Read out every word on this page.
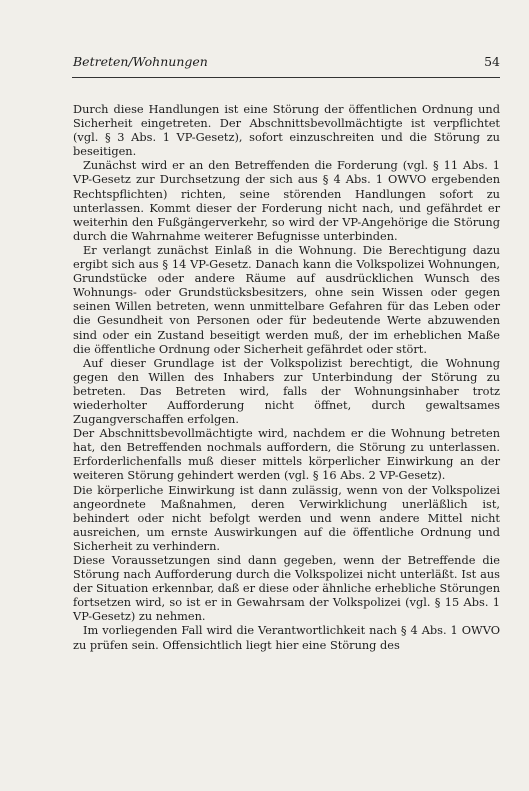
Betreten/Wohnungen	54

Durch diese Handlungen ist eine Störung der öffentlichen Ordnung und Sicherheit eingetreten. Der Abschnittsbevollmächtigte ist verpflichtet (vgl. § 3 Abs. 1 VP-Gesetz), sofort einzuschreiten und die Störung zu beseitigen.

Zunächst wird er an den Betreffenden die Forderung (vgl. § 11 Abs. 1 VP-Gesetz zur Durchsetzung der sich aus § 4 Abs. 1 OWVO ergebenden Rechtspflichten) richten, seine störenden Handlungen sofort zu unterlassen. Kommt dieser der Forderung nicht nach, und gefährdet er weiterhin den Fußgängerverkehr, so wird der VP-Angehörige die Störung durch die Wahrnahme weiterer Befugnisse unterbinden.

Er verlangt zunächst Einlaß in die Wohnung. Die Berechtigung dazu ergibt sich aus § 14 VP-Gesetz. Danach kann die Volkspolizei Wohnungen, Grundstücke oder andere Räume auf ausdrücklichen Wunsch des Wohnungs- oder Grundstücksbesitzers, ohne sein Wissen oder gegen seinen Willen betreten, wenn unmittelbare Gefahren für das Leben oder die Gesundheit von Personen oder für bedeutende Werte abzuwenden sind oder ein Zustand beseitigt werden muß, der im erheblichen Maße die öffentliche Ordnung oder Sicherheit gefährdet oder stört.

Auf dieser Grundlage ist der Volkspolizist berechtigt, die Wohnung gegen den Willen des Inhabers zur Unterbindung der Störung zu betreten. Das Betreten wird, falls der Wohnungsinhaber trotz wiederholter Aufforderung nicht öffnet, durch gewaltsames Zugangverschaffen erfolgen.

Der Abschnittsbevollmächtigte wird, nachdem er die Wohnung betreten hat, den Betreffenden nochmals auffordern, die Störung zu unterlassen. Erforderlichenfalls muß dieser mittels körperlicher Einwirkung an der weiteren Störung gehindert werden (vgl. § 16 Abs. 2 VP-Gesetz).

Die körperliche Einwirkung ist dann zulässig, wenn von der Volkspolizei angeordnete Maßnahmen, deren Verwirklichung unerläßlich ist, behindert oder nicht befolgt werden und wenn andere Mittel nicht ausreichen, um ernste Auswirkungen auf die öffentliche Ordnung und Sicherheit zu verhindern.

Diese Voraussetzungen sind dann gegeben, wenn der Betreffende die Störung nach Aufforderung durch die Volkspolizei nicht unterläßt. Ist aus der Situation erkennbar, daß er diese oder ähnliche erhebliche Störungen fortsetzen wird, so ist er in Gewahrsam der Volkspolizei (vgl. § 15 Abs. 1 VP-Gesetz) zu nehmen.

Im vorliegenden Fall wird die Verantwortlichkeit nach § 4 Abs. 1 OWVO zu prüfen sein. Offensichtlich liegt hier eine Störung des
